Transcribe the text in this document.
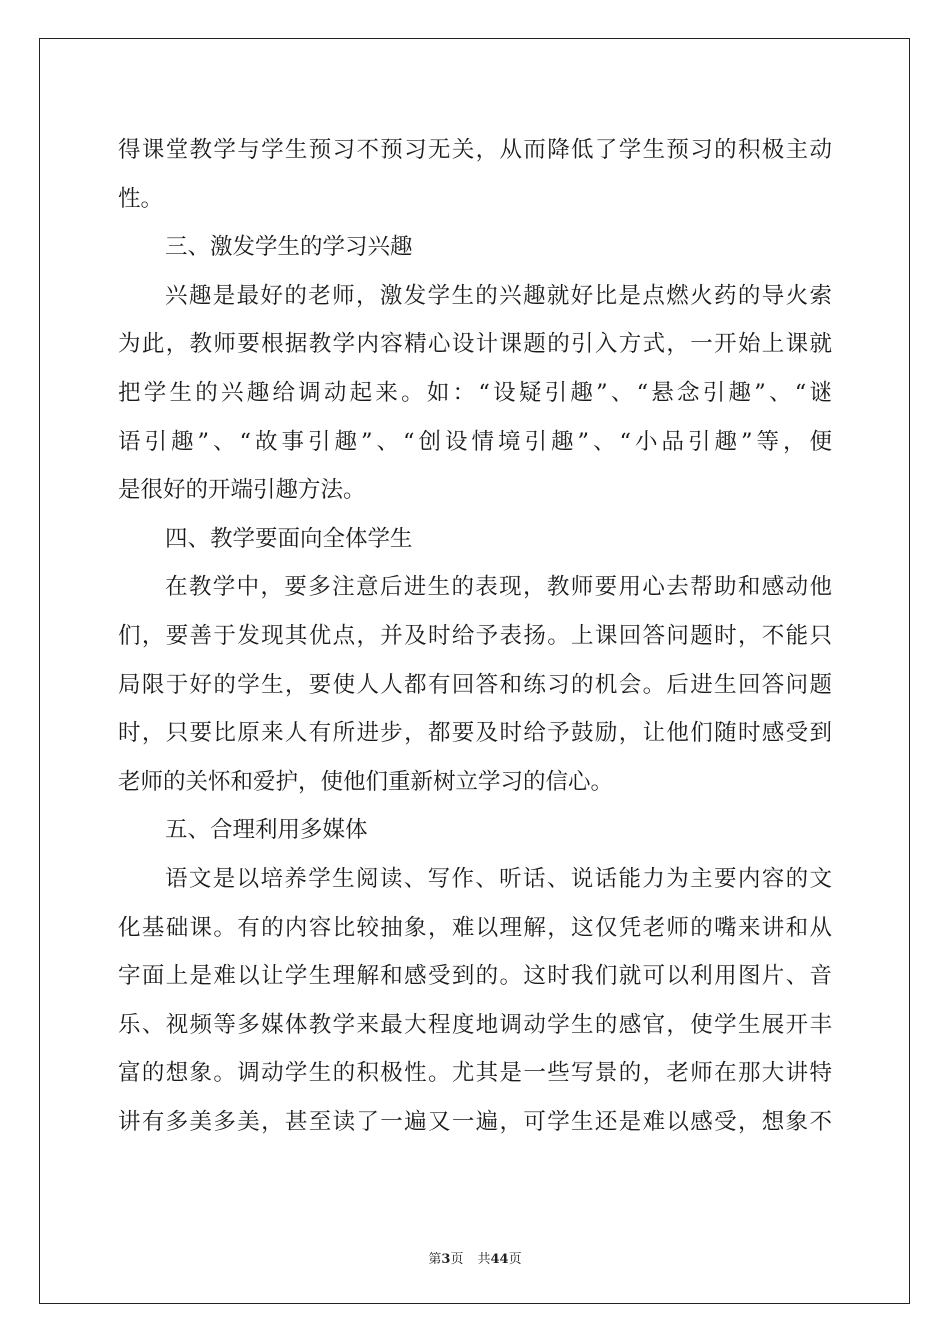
得课堂教学与学生预习不预习无关，从而降低了学生预习的积极主动
性。
三、激发学生的学习兴趣
兴趣是最好的老师，激发学生的兴趣就好比是点燃火药的导火索
为此，教师要根据教学内容精心设计课题的引入方式，一开始上课就
把学生的兴趣给调动起来。如：“设疑引趣”、“悬念引趣”、“谜
语引趣”、“故事引趣”、“创设情境引趣”、“小品引趣”等，便
是很好的开端引趣方法。
四、教学要面向全体学生
在教学中，要多注意后进生的表现，教师要用心去帮助和感动他
们，要善于发现其优点，并及时给予表扬。上课回答问题时，不能只
局限于好的学生，要使人人都有回答和练习的机会。后进生回答问题
时，只要比原来人有所进步，都要及时给予鼓励，让他们随时感受到
老师的关怀和爱护，使他们重新树立学习的信心。
五、合理利用多媒体
语文是以培养学生阅读、写作、听话、说话能力为主要内容的文
化基础课。有的内容比较抽象，难以理解，这仅凭老师的嘴来讲和从
字面上是难以让学生理解和感受到的。这时我们就可以利用图片、音
乐、视频等多媒体教学来最大程度地调动学生的感官，使学生展开丰
富的想象。调动学生的积极性。尤其是一些写景的，老师在那大讲特
讲有多美多美，甚至读了一遍又一遍，可学生还是难以感受，想象不
第3页 共44页
